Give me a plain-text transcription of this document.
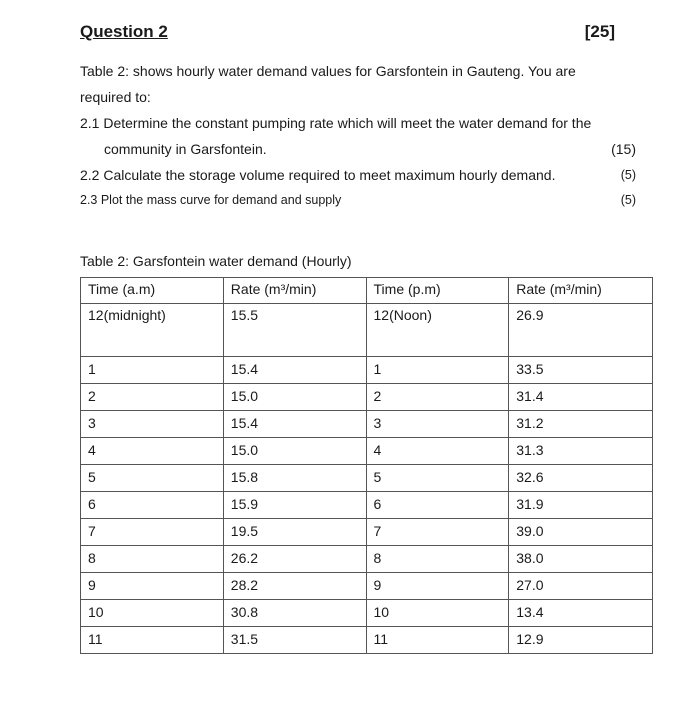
Question 2	[25]
Table 2: shows hourly water demand values for Garsfontein in Gauteng. You are
required to:
2.1 Determine the constant pumping rate which will meet the water demand for the
community in Garsfontein.	(15)
2.2 Calculate the storage volume required to meet maximum hourly demand.	(5)
2.3 Plot the mass curve for demand and supply	(5)
Table 2: Garsfontein water demand (Hourly)
Time (a.m)	Rate (m³/min)	Time (p.m)	Rate (m³/min)
12(midnight)	15.5	12(Noon)	26.9
1	15.4	1	33.5
2	15.0	2	31.4
3	15.4	3	31.2
4	15.0	4	31.3
5	15.8	5	32.6
6	15.9	6	31.9
7	19.5	7	39.0
8	26.2	8	38.0
9	28.2	9	27.0
10	30.8	10	13.4
11	31.5	11	12.9
